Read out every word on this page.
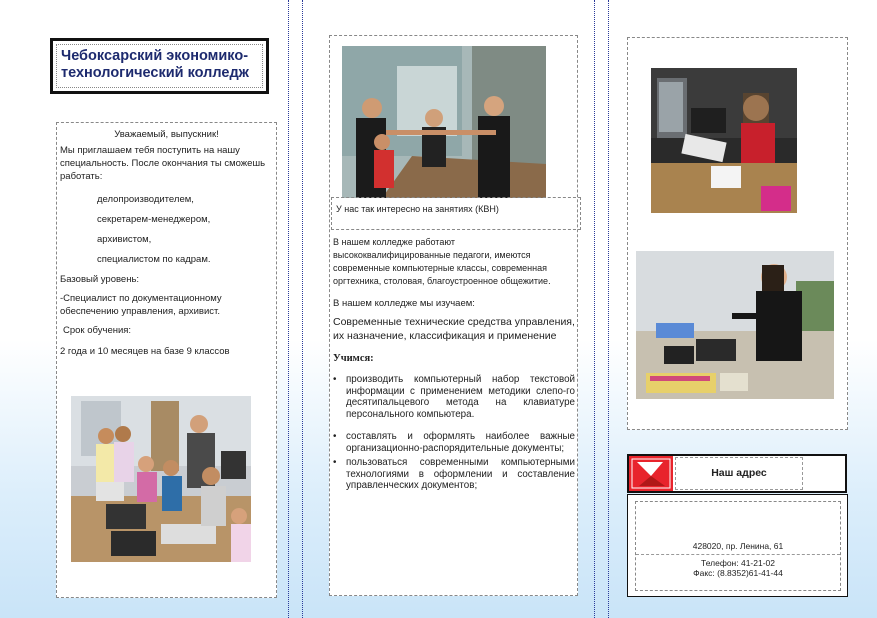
Чебоксарский экономико-технологический колледж
Уважаемый, выпускник!
Мы приглашаем тебя поступить на нашу специальность. После окончания ты сможешь работать:
делопроизводителем,
секретарем-менеджером,
архивистом,
специалистом по кадрам.
Базовый уровень:
-Специалист по документационному обеспечению управления, архивист.
Срок обучения:
2 года и 10 месяцев на базе 9 классов
У нас так интересно на занятиях (КВН)
В нашем колледже работают высококвалифицированные педагоги, имеются современные компьютерные классы, современная оргтехника, столовая, благоустроенное общежитие.
В нашем колледже мы изучаем:
Современные технические средства управления, их назначение, классификация и применение
Учимся:
• производить компьютерный набор текстовой информации с применением методики слепо-го десятипальцевого метода на клавиатуре персонального компьютера.
• составлять и оформлять наиболее важные организационно-распорядительные документы;
• пользоваться современными компьютерными технологиями в оформлении и составление управленческих документов;
Наш адрес
428020, пр. Ленина, 61
Телефон: 41-21-02
Факс: (8.8352)61-41-44
